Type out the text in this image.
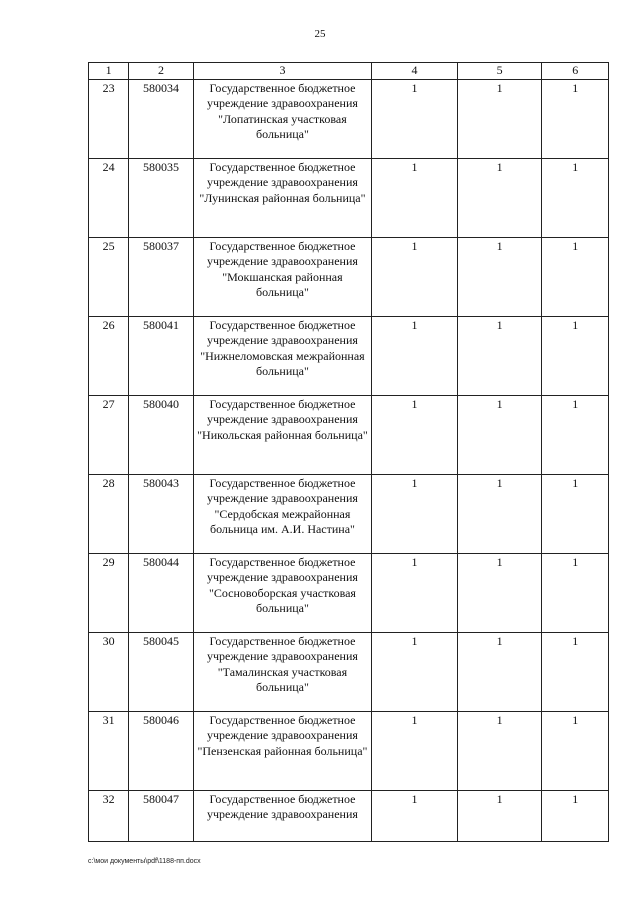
25
1	2	3	4	5	6
23	580034	Государственное бюджетное учреждение здравоохранения "Лопатинская участковая больница"	1	1	1
24	580035	Государственное бюджетное учреждение здравоохранения "Лунинская районная больница"	1	1	1
25	580037	Государственное бюджетное учреждение здравоохранения "Мокшанская районная больница"	1	1	1
26	580041	Государственное бюджетное учреждение здравоохранения "Нижнеломовская межрайонная больница"	1	1	1
27	580040	Государственное бюджетное учреждение здравоохранения "Никольская районная больница"	1	1	1
28	580043	Государственное бюджетное учреждение здравоохранения "Сердобская межрайонная больница им. А.И. Настина"	1	1	1
29	580044	Государственное бюджетное учреждение здравоохранения "Сосновоборская участковая больница"	1	1	1
30	580045	Государственное бюджетное учреждение здравоохранения "Тамалинская участковая больница"	1	1	1
31	580046	Государственное бюджетное учреждение здравоохранения "Пензенская районная больница"	1	1	1
32	580047	Государственное бюджетное учреждение здравоохранения	1	1	1
c:\мои документы\pdf\1188-пп.docx
